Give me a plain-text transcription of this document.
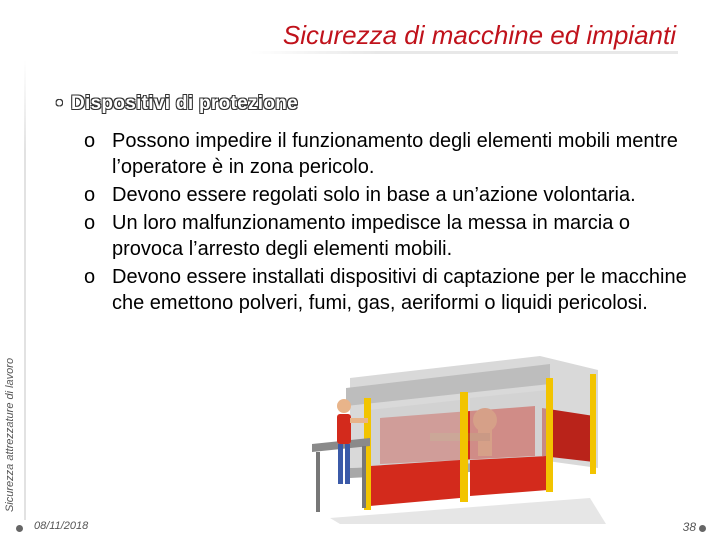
Sicurezza di macchine ed impianti
Sicurezza attrezzature di lavoro
• Dispositivi di protezione
o Possono impedire il funzionamento degli elementi mobili mentre l’operatore è in zona pericolo.
o Devono essere regolati solo in base a un’azione volontaria.
o Un loro malfunzionamento impedisce la messa in marcia o provoca l’arresto degli elementi mobili.
o Devono essere installati dispositivi di captazione per le macchine che emettono polveri, fumi, gas, aeriformi o liquidi pericolosi.
08/11/2018	38
